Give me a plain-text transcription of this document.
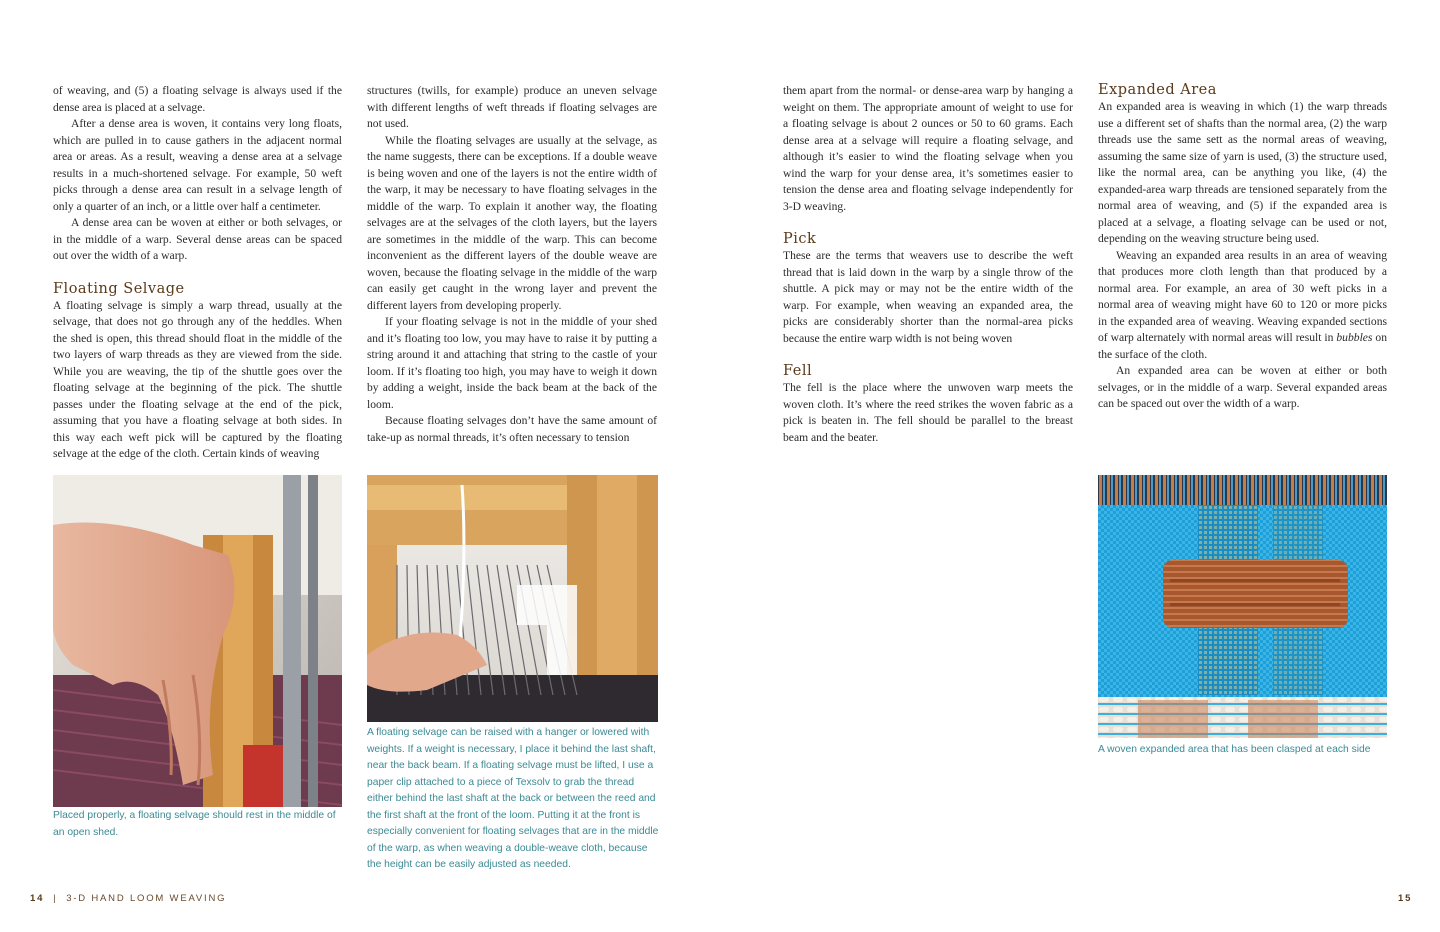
of weaving, and (5) a floating selvage is always used if the dense area is placed at a selvage.

After a dense area is woven, it contains very long floats, which are pulled in to cause gathers in the adjacent normal area or areas. As a result, weaving a dense area at a selvage results in a much-shortened selvage. For example, 50 weft picks through a dense area can result in a selvage length of only a quarter of an inch, or a little over half a centimeter.

A dense area can be woven at either or both selvages, or in the middle of a warp. Several dense areas can be spaced out over the width of a warp.

Floating Selvage

A floating selvage is simply a warp thread, usually at the selvage, that does not go through any of the heddles. When the shed is open, this thread should float in the middle of the two layers of warp threads as they are viewed from the side. While you are weaving, the tip of the shuttle goes over the floating selvage at the beginning of the pick. The shuttle passes under the floating selvage at the end of the pick, assuming that you have a floating selvage at both sides. In this way each weft pick will be captured by the floating selvage at the edge of the cloth. Certain kinds of weaving

structures (twills, for example) produce an uneven selvage with different lengths of weft threads if floating selvages are not used.

While the floating selvages are usually at the selvage, as the name suggests, there can be exceptions. If a double weave is being woven and one of the layers is not the entire width of the warp, it may be necessary to have floating selvages in the middle of the warp. To explain it another way, the floating selvages are at the selvages of the cloth layers, but the layers are sometimes in the middle of the warp. This can become inconvenient as the different layers of the double weave are woven, because the floating selvage in the middle of the warp can easily get caught in the wrong layer and prevent the different layers from developing properly.

If your floating selvage is not in the middle of your shed and it’s floating too low, you may have to raise it by putting a string around it and attaching that string to the castle of your loom. If it’s floating too high, you may have to weigh it down by adding a weight, inside the back beam at the back of the loom.

Because floating selvages don’t have the same amount of take-up as normal threads, it’s often necessary to tension

Placed properly, a floating selvage should rest in the middle of an open shed.
A floating selvage can be raised with a hanger or lowered with weights. If a weight is necessary, I place it behind the last shaft, near the back beam. If a floating selvage must be lifted, I use a paper clip attached to a piece of Texsolv to grab the thread either behind the last shaft at the back or between the reed and the first shaft at the front of the loom. Putting it at the front is especially convenient for floating selvages that are in the middle of the warp, as when weaving a double-weave cloth, because the height can be easily adjusted as needed.
14 | 3-D HAND LOOM WEAVING

them apart from the normal- or dense-area warp by hanging a weight on them. The appropriate amount of weight to use for a floating selvage is about 2 ounces or 50 to 60 grams. Each dense area at a selvage will require a floating selvage, and although it’s easier to wind the floating selvage when you wind the warp for your dense area, it’s sometimes easier to tension the dense area and floating selvage independently for 3-D weaving.

Pick

These are the terms that weavers use to describe the weft thread that is laid down in the warp by a single throw of the shuttle. A pick may or may not be the entire width of the warp. For example, when weaving an expanded area, the picks are considerably shorter than the normal-area picks because the entire warp width is not being woven

Fell

The fell is the place where the unwoven warp meets the woven cloth. It’s where the reed strikes the woven fabric as a pick is beaten in. The fell should be parallel to the breast beam and the beater.

Expanded Area

An expanded area is weaving in which (1) the warp threads use a different set of shafts than the normal area, (2) the warp threads use the same sett as the normal areas of weaving, assuming the same size of yarn is used, (3) the structure used, like the normal area, can be anything you like, (4) the expanded-area warp threads are tensioned separately from the normal area of weaving, and (5) if the expanded area is placed at a selvage, a floating selvage can be used or not, depending on the weaving structure being used.

Weaving an expanded area results in an area of weaving that produces more cloth length than that produced by a normal area. For example, an area of 30 weft picks in a normal area of weaving might have 60 to 120 or more picks in the expanded area of weaving. Weaving expanded sections of warp alternately with normal areas will result in bubbles on the surface of the cloth.

An expanded area can be woven at either or both selvages, or in the middle of a warp. Several expanded areas can be spaced out over the width of a warp.

A woven expanded area that has been clasped at each side
15
